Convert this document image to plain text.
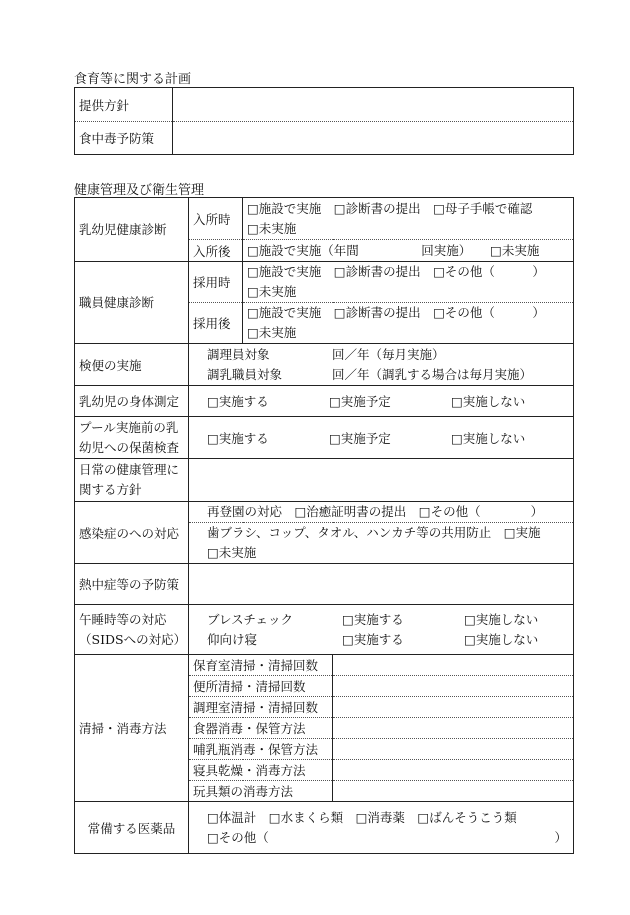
食育等に関する計画
提供方針	
食中毒予防策	
健康管理及び衛生管理
乳幼児健康診断	入所時	□施設で実施　□診断書の提出　□母子手帳で確認
□未実施	

	入所後	□施設で実施（年間　　　　　回実施）　　□未実施	

職員健康診断	採用時	□施設で実施　□診断書の提出　□その他（　　　）
□未実施	

	採用後	□施設で実施　□診断書の提出　□その他（　　　）
□未実施	

検便の実施	調理員対象　　　　　回／年（毎月実施）
調乳職員対象　　　　回／年（調乳する場合は毎月実施）		

乳幼児の身体測定	□実施する □実施予定 □実施しない		
プール実施前の乳幼児への保菌検査	□実施する □実施予定 □実施しない		
日常の健康管理に関する方針			
感染症のへの対応	再登園の対応　□治癒証明書の提出　□その他（　　　　）		

	歯ブラシ、コップ、タオル、ハンカチ等の共用防止　□実施
□未実施		

熱中症等の予防策			
午睡時等の対応（SIDSへの対応）	ブレスチェック □実施する □実施しない
仰向け寝 □実施する □実施しない		

清掃・消毒方法	保育室清掃・清掃回数		
	便所清掃・清掃回数		
	調理室清掃・清掃回数		
	食器消毒・保管方法		
	哺乳瓶消毒・保管方法		
	寝具乾燥・消毒方法		
	玩具類の消毒方法		
常備する医薬品	□体温計　□水まくら類　□消毒薬　□ばんそうこう類
□その他（ ）		
